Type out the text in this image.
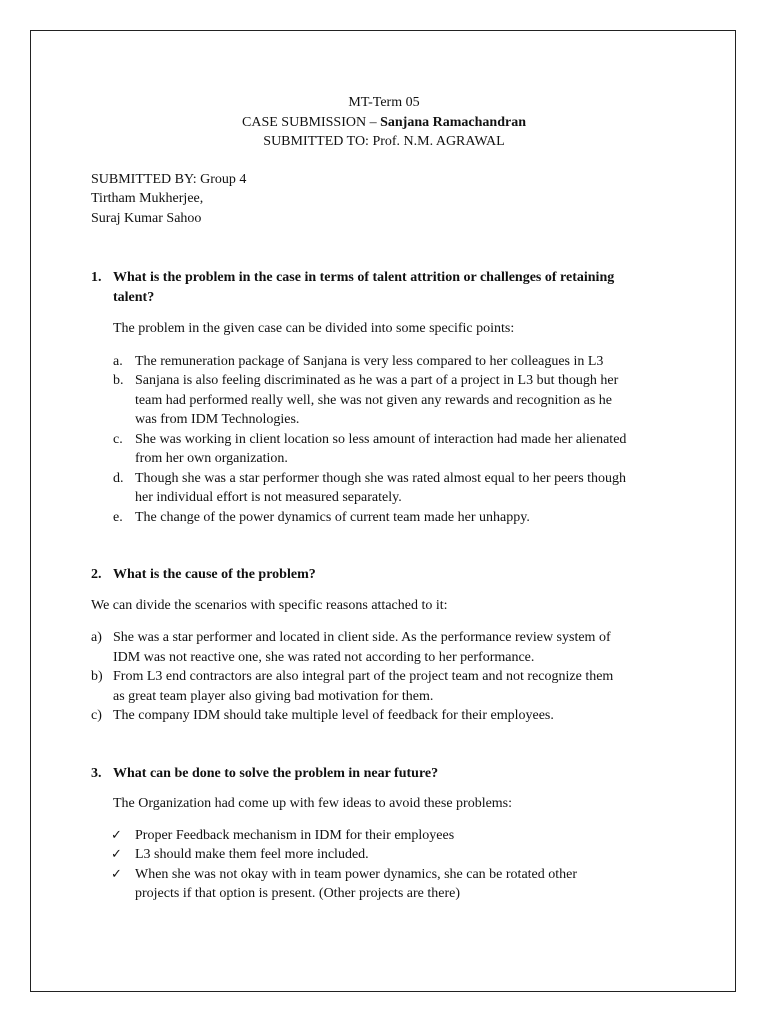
MT-Term 05
CASE SUBMISSION – Sanjana Ramachandran
SUBMITTED TO: Prof. N.M. AGRAWAL
SUBMITTED BY: Group 4
Tirtham Mukherjee,
Suraj Kumar Sahoo
1. What is the problem in the case in terms of talent attrition or challenges of retaining
talent?
The problem in the given case can be divided into some specific points:
a. The remuneration package of Sanjana is very less compared to her colleagues in L3
b. Sanjana is also feeling discriminated as he was a part of a project in L3 but though her
team had performed really well, she was not given any rewards and recognition as he
was from IDM Technologies.
c. She was working in client location so less amount of interaction had made her alienated
from her own organization.
d. Though she was a star performer though she was rated almost equal to her peers though
her individual effort is not measured separately.
e. The change of the power dynamics of current team made her unhappy.
2. What is the cause of the problem?
We can divide the scenarios with specific reasons attached to it:
a) She was a star performer and located in client side. As the performance review system of
IDM was not reactive one, she was rated not according to her performance.
b) From L3 end contractors are also integral part of the project team and not recognize them
as great team player also giving bad motivation for them.
c) The company IDM should take multiple level of feedback for their employees.
3. What can be done to solve the problem in near future?
The Organization had come up with few ideas to avoid these problems:
✓ Proper Feedback mechanism in IDM for their employees
✓ L3 should make them feel more included.
✓ When she was not okay with in team power dynamics, she can be rotated other
projects if that option is present. (Other projects are there)
